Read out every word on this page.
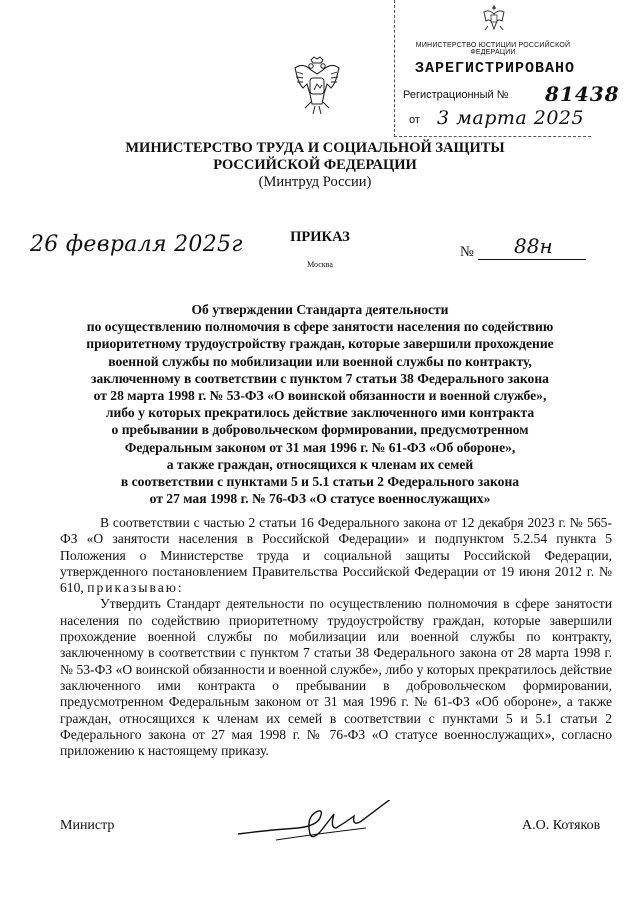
МИНИСТЕРСТВО ЮСТИЦИИ РОССИЙСКОЙ ФЕДЕРАЦИИ
ЗАРЕГИСТРИРОВАНО
Регистрационный № 81438
от 3 марта 2025
МИНИСТЕРСТВО ТРУДА И СОЦИАЛЬНОЙ ЗАЩИТЫ
РОССИЙСКОЙ ФЕДЕРАЦИИ
(Минтруд России)
26 февраля 2025г	ПРИКАЗ
Москва
№ 88н
Об утверждении Стандарта деятельности
по осуществлению полномочия в сфере занятости населения по содействию
приоритетному трудоустройству граждан, которые завершили прохождение
военной службы по мобилизации или военной службы по контракту,
заключенному в соответствии с пунктом 7 статьи 38 Федерального закона
от 28 марта 1998 г. № 53-ФЗ «О воинской обязанности и военной службе»,
либо у которых прекратилось действие заключенного ими контракта
о пребывании в добровольческом формировании, предусмотренном
Федеральным законом от 31 мая 1996 г. № 61-ФЗ «Об обороне»,
а также граждан, относящихся к членам их семей
в соответствии с пунктами 5 и 5.1 статьи 2 Федерального закона
от 27 мая 1998 г. № 76-ФЗ «О статусе военнослужащих»

В соответствии с частью 2 статьи 16 Федерального закона от 12 декабря 2023 г. № 565-ФЗ «О занятости населения в Российской Федерации» и подпунктом 5.2.54 пункта 5 Положения о Министерстве труда и социальной защиты Российской Федерации, утвержденного постановлением Правительства Российской Федерации от 19 июня 2012 г. № 610, приказываю:

Утвердить Стандарт деятельности по осуществлению полномочия в сфере занятости населения по содействию приоритетному трудоустройству граждан, которые завершили прохождение военной службы по мобилизации или военной службы по контракту, заключенному в соответствии с пунктом 7 статьи 38 Федерального закона от 28 марта 1998 г. № 53-ФЗ «О воинской обязанности и военной службе», либо у которых прекратилось действие заключенного ими контракта о пребывании в добровольческом формировании, предусмотренном Федеральным законом от 31 мая 1996 г. № 61-ФЗ «Об обороне», а также граждан, относящихся к членам их семей в соответствии с пунктами 5 и 5.1 статьи 2 Федерального закона от 27 мая 1998 г. № 76-ФЗ «О статусе военнослужащих», согласно приложению к настоящему приказу.

Министр	А.О. Котяков
